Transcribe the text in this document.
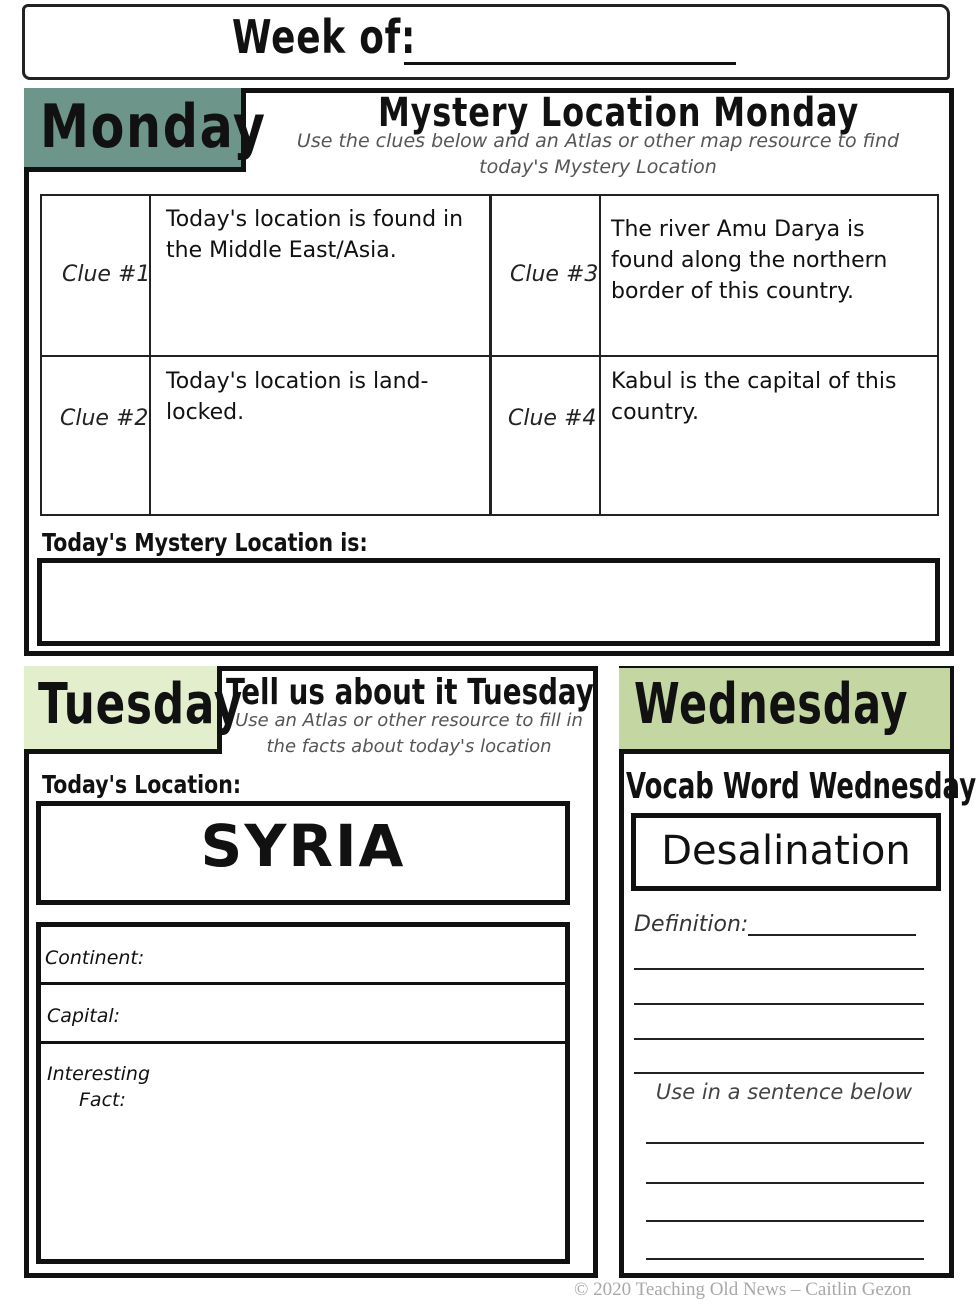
Week of:
Monday	Mystery Location Monday
Use the clues below and an Atlas or other map resource to find today's Mystery Location
Clue #1
Today's location is found in the Middle East/Asia.
Clue #2
Today's location is land-locked.
Clue #3
The river Amu Darya is found along the northern border of this country.
Clue #4
Kabul is the capital of this country.
Today's Mystery Location is:
Tuesday
Tell us about it Tuesday
Use an Atlas or other resource to fill in the facts about today's location
Today's Location:
SYRIA
Continent:
Capital:
Interesting
Fact:
Wednesday
Vocab Word Wednesday
Desalination
Definition:
Use in a sentence below
© 2020 Teaching Old News – Caitlin Gezon
